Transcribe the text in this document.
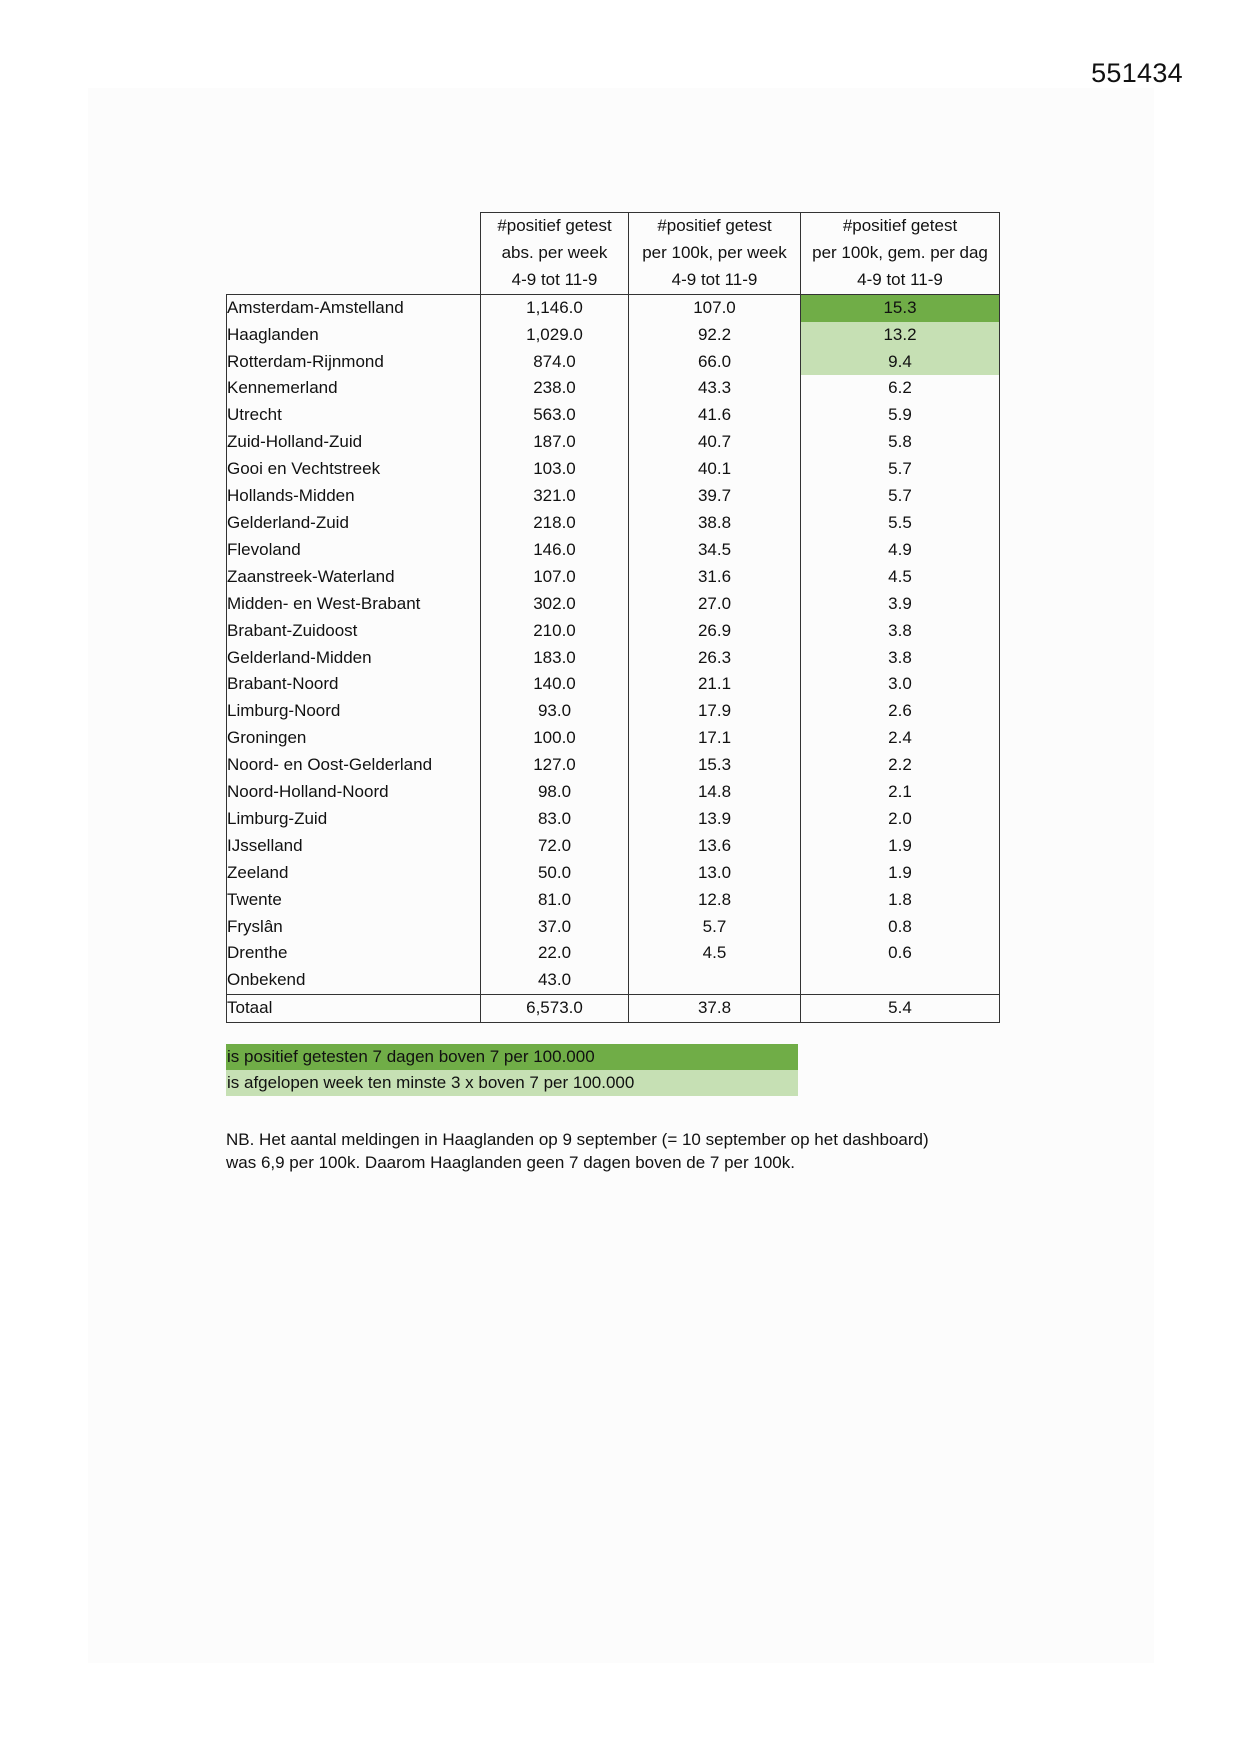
551434
	#positief getest	#positief getest	#positief getest
	abs. per week	per 100k, per week	per 100k, gem. per dag
	4-9 tot 11-9	4-9 tot 11-9	4-9 tot 11-9
Amsterdam-Amstelland	1,146.0	107.0	15.3
Haaglanden	1,029.0	92.2	13.2
Rotterdam-Rijnmond	874.0	66.0	9.4
Kennemerland	238.0	43.3	6.2
Utrecht	563.0	41.6	5.9
Zuid-Holland-Zuid	187.0	40.7	5.8
Gooi en Vechtstreek	103.0	40.1	5.7
Hollands-Midden	321.0	39.7	5.7
Gelderland-Zuid	218.0	38.8	5.5
Flevoland	146.0	34.5	4.9
Zaanstreek-Waterland	107.0	31.6	4.5
Midden- en West-Brabant	302.0	27.0	3.9
Brabant-Zuidoost	210.0	26.9	3.8
Gelderland-Midden	183.0	26.3	3.8
Brabant-Noord	140.0	21.1	3.0
Limburg-Noord	93.0	17.9	2.6
Groningen	100.0	17.1	2.4
Noord- en Oost-Gelderland	127.0	15.3	2.2
Noord-Holland-Noord	98.0	14.8	2.1
Limburg-Zuid	83.0	13.9	2.0
IJsselland	72.0	13.6	1.9
Zeeland	50.0	13.0	1.9
Twente	81.0	12.8	1.8
Fryslân	37.0	5.7	0.8
Drenthe	22.0	4.5	0.6
Onbekend	43.0		
Totaal	6,573.0	37.8	5.4
is positief getesten 7 dagen boven 7 per 100.000
is afgelopen week ten minste 3 x boven 7 per 100.000
NB. Het aantal meldingen in Haaglanden op 9 september (= 10 september op het dashboard)
was 6,9 per 100k. Daarom Haaglanden geen 7 dagen boven de 7 per 100k.
